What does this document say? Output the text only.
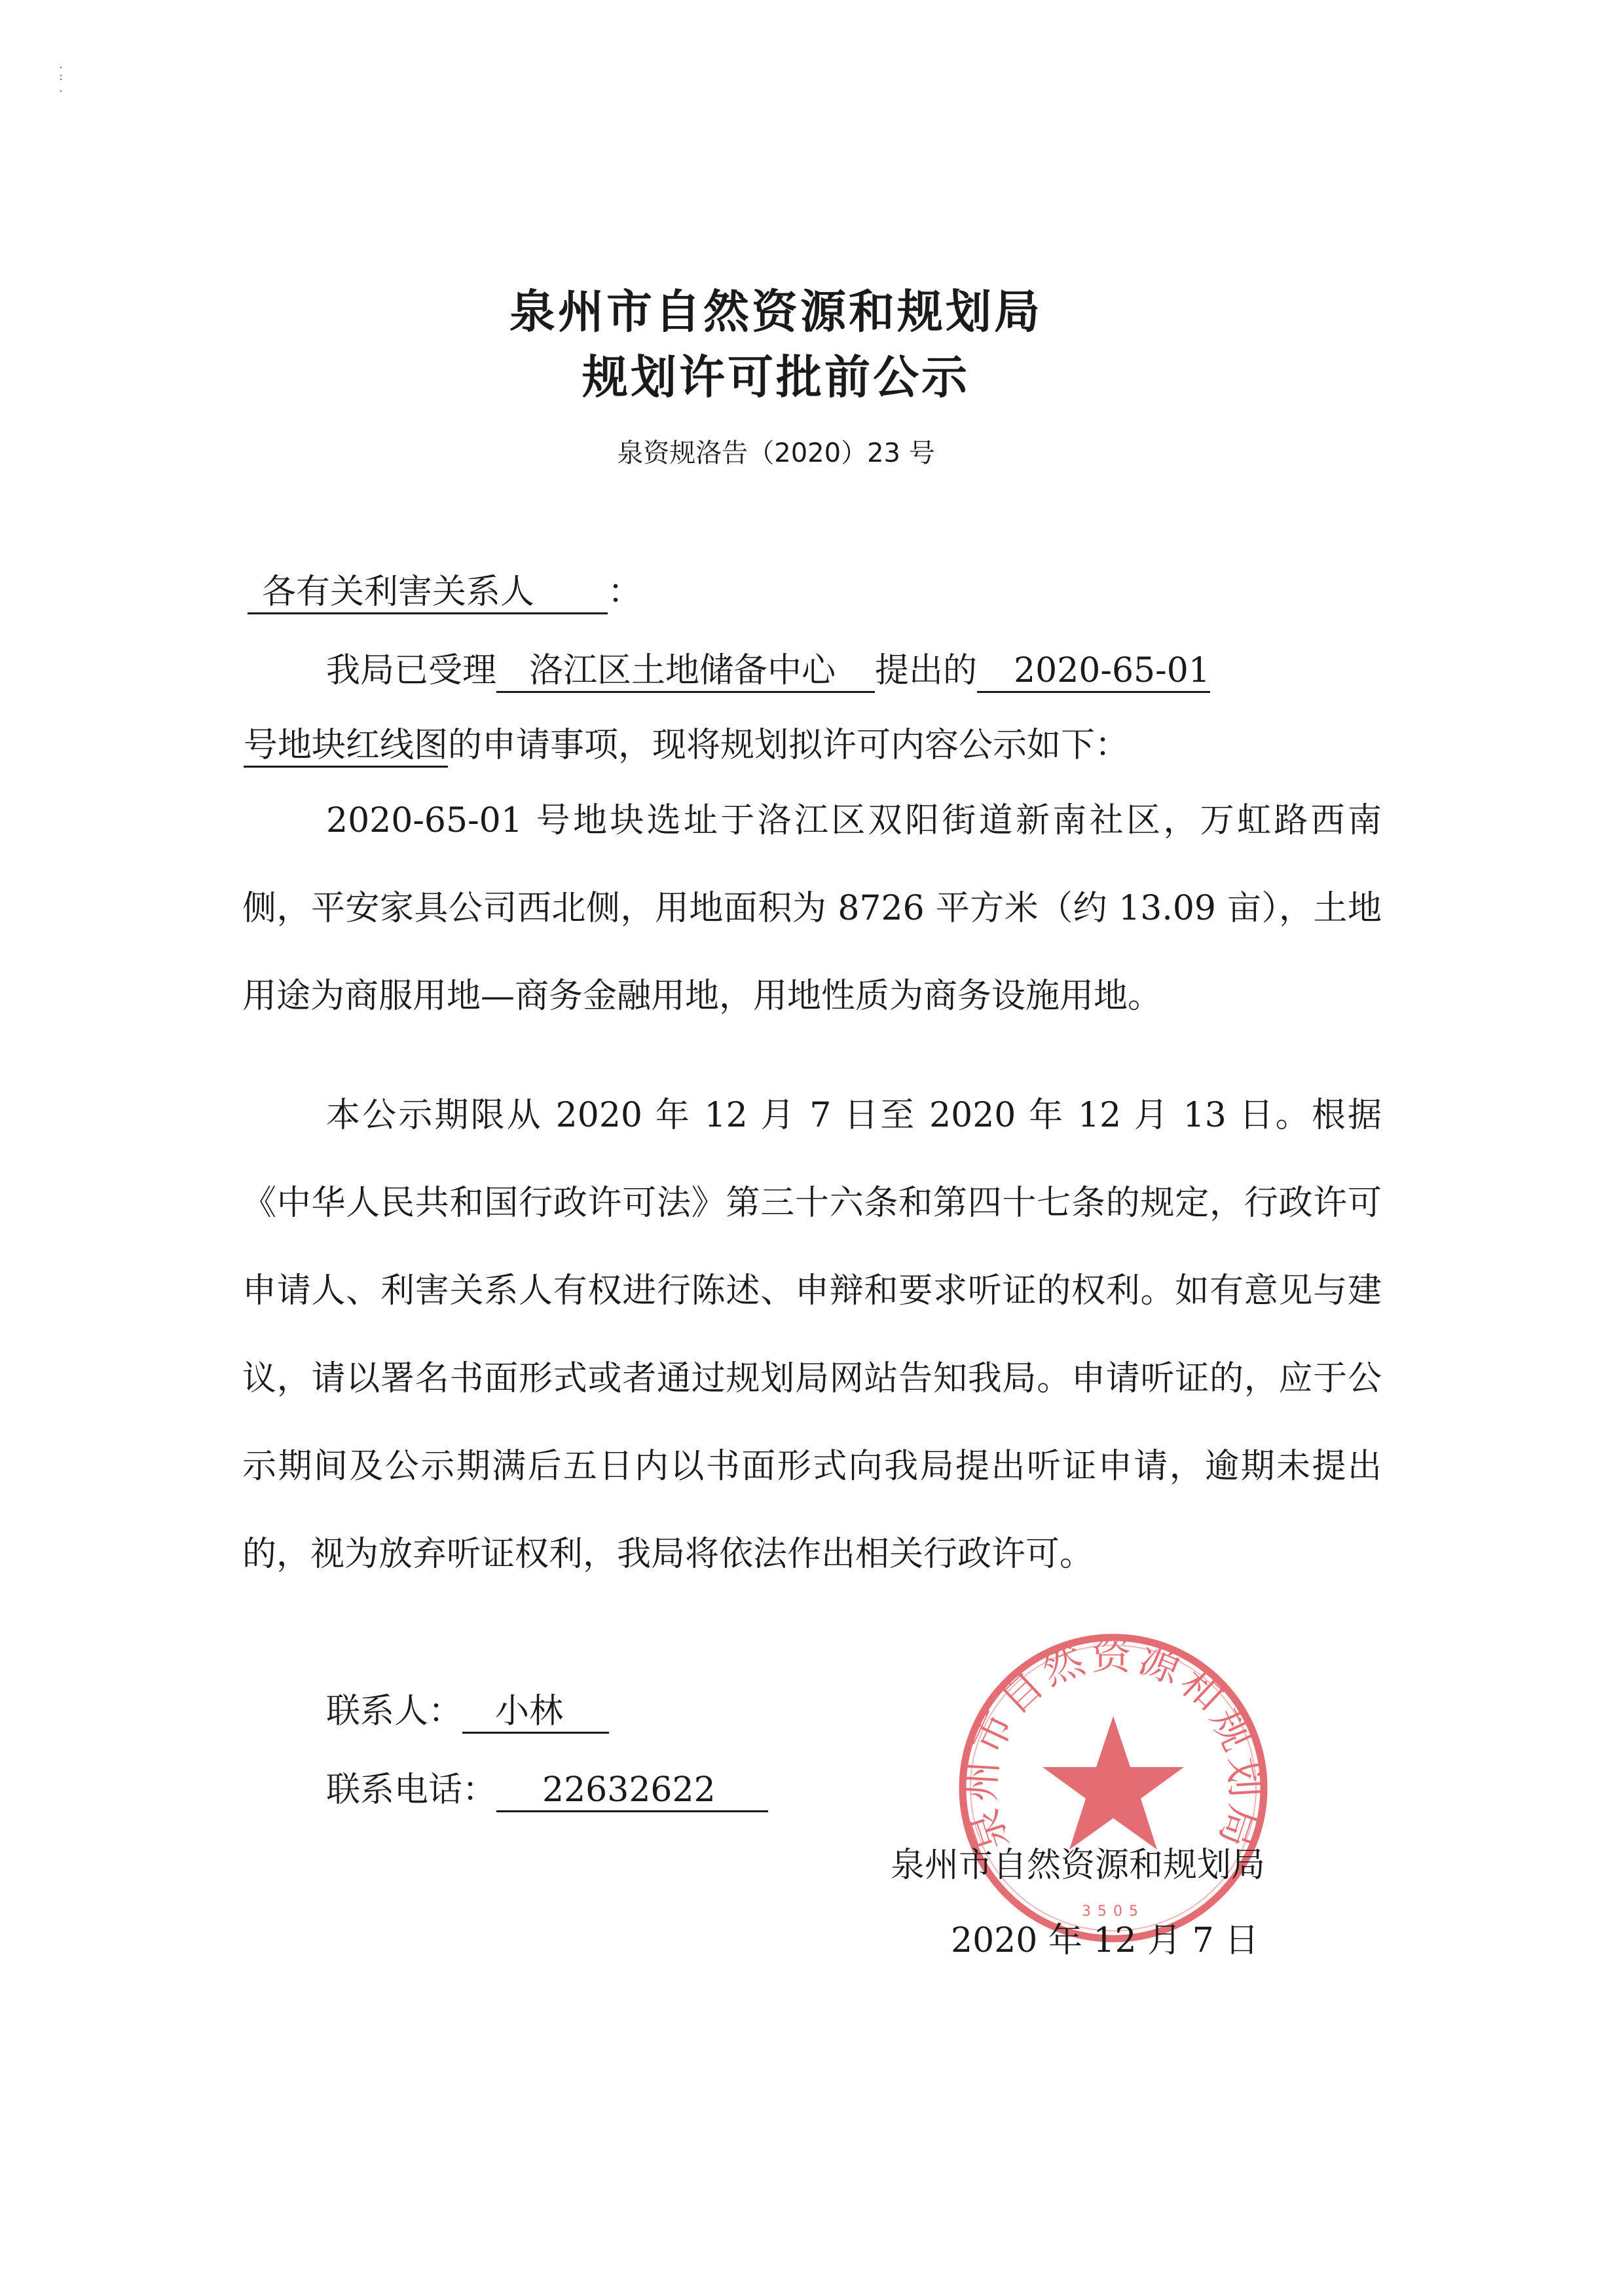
.
:
.
泉州市自然资源和规划局
规划许可批前公示
泉资规洛告（2020）23 号
各有关利害关系人 ：
我局已受理 洛江区土地储备中心 提出的 2020-65-01
号地块红线图的申请事项，现将规划拟许可内容公示如下：
2020-65-01 号地块选址于洛江区双阳街道新南社区，万虹路西南侧，平安家具公司西北侧，用地面积为 8726 平方米（约 13.09 亩），土地用途为商服用地—商务金融用地，用地性质为商务设施用地。
本公示期限从 2020 年 12 月 7 日至 2020 年 12 月 13 日。根据《中华人民共和国行政许可法》第三十六条和第四十七条的规定，行政许可申请人、利害关系人有权进行陈述、申辩和要求听证的权利。如有意见与建议，请以署名书面形式或者通过规划局网站告知我局。申请听证的，应于公示期间及公示期满后五日内以书面形式向我局提出听证申请，逾期未提出的，视为放弃听证权利，我局将依法作出相关行政许可。
联系人： 小林
联系电话： 22632622
泉州市自然资源和规划局
3505
泉州市自然资源和规划局
2020 年 12 月 7 日
